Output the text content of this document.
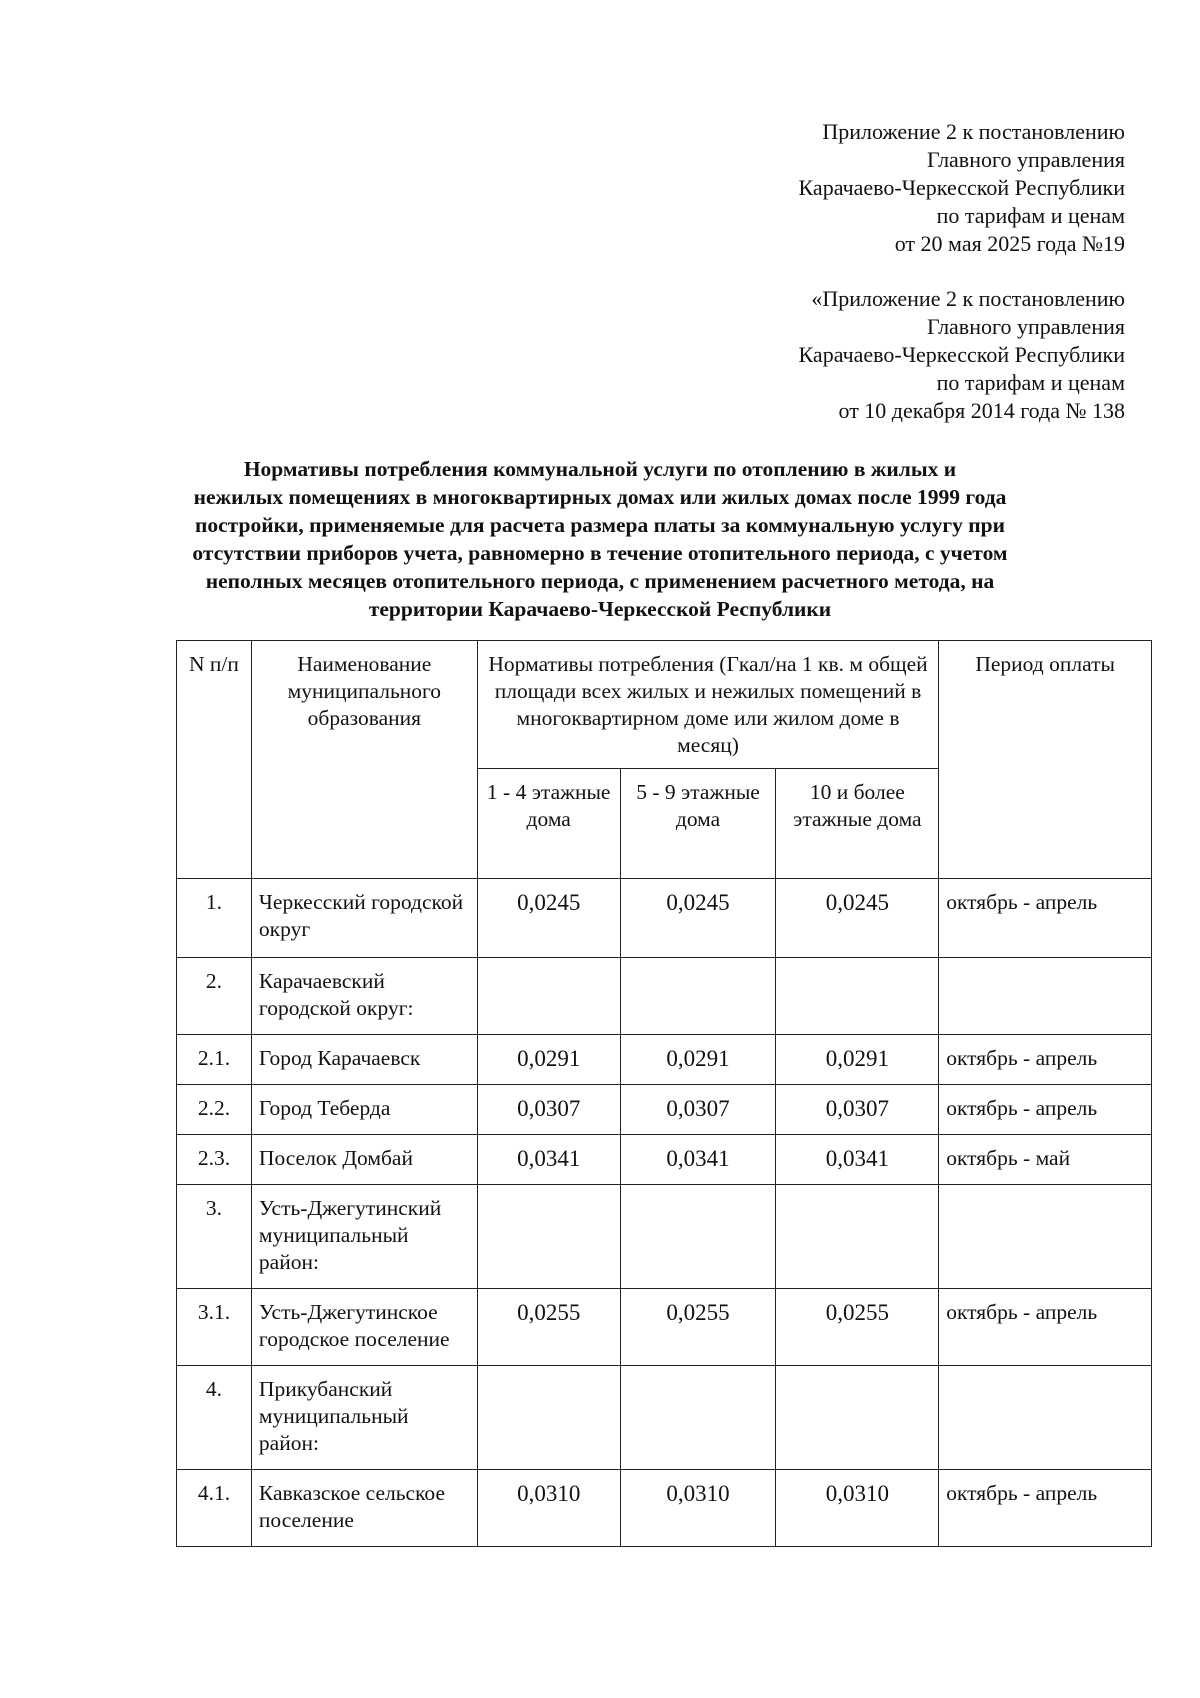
Приложение 2 к постановлению
Главного управления
Карачаево-Черкесской Республики
по тарифам и ценам
от 20 мая 2025 года №19
«Приложение 2 к постановлению
Главного управления
Карачаево-Черкесской Республики
по тарифам и ценам
от 10 декабря 2014 года № 138
Нормативы потребления коммунальной услуги по отоплению в жилых и
нежилых помещениях в многоквартирных домах или жилых домах после 1999 года
постройки, применяемые для расчета размера платы за коммунальную услугу при
отсутствии приборов учета, равномерно в течение отопительного периода, с учетом
неполных месяцев отопительного периода, с применением расчетного метода, на
территории Карачаево-Черкесской Республики
N п/п	Наименование муниципального образования	Нормативы потребления (Гкал/на 1 кв. м общей площади всех жилых и нежилых помещений в многоквартирном доме или жилом доме в месяц)			Период оплаты
		1 - 4 этажные дома	5 - 9 этажные дома	10 и более этажные дома	
1.	Черкесский городской округ	0,0245	0,0245	0,0245	октябрь - апрель
2.	Карачаевский городской округ:				
2.1.	Город Карачаевск	0,0291	0,0291	0,0291	октябрь - апрель
2.2.	Город Теберда	0,0307	0,0307	0,0307	октябрь - апрель
2.3.	Поселок Домбай	0,0341	0,0341	0,0341	октябрь - май
3.	Усть-Джегутинский муниципальный район:				
3.1.	Усть-Джегутинское городское поселение	0,0255	0,0255	0,0255	октябрь - апрель
4.	Прикубанский муниципальный район:				
4.1.	Кавказское сельское поселение	0,0310	0,0310	0,0310	октябрь - апрель
